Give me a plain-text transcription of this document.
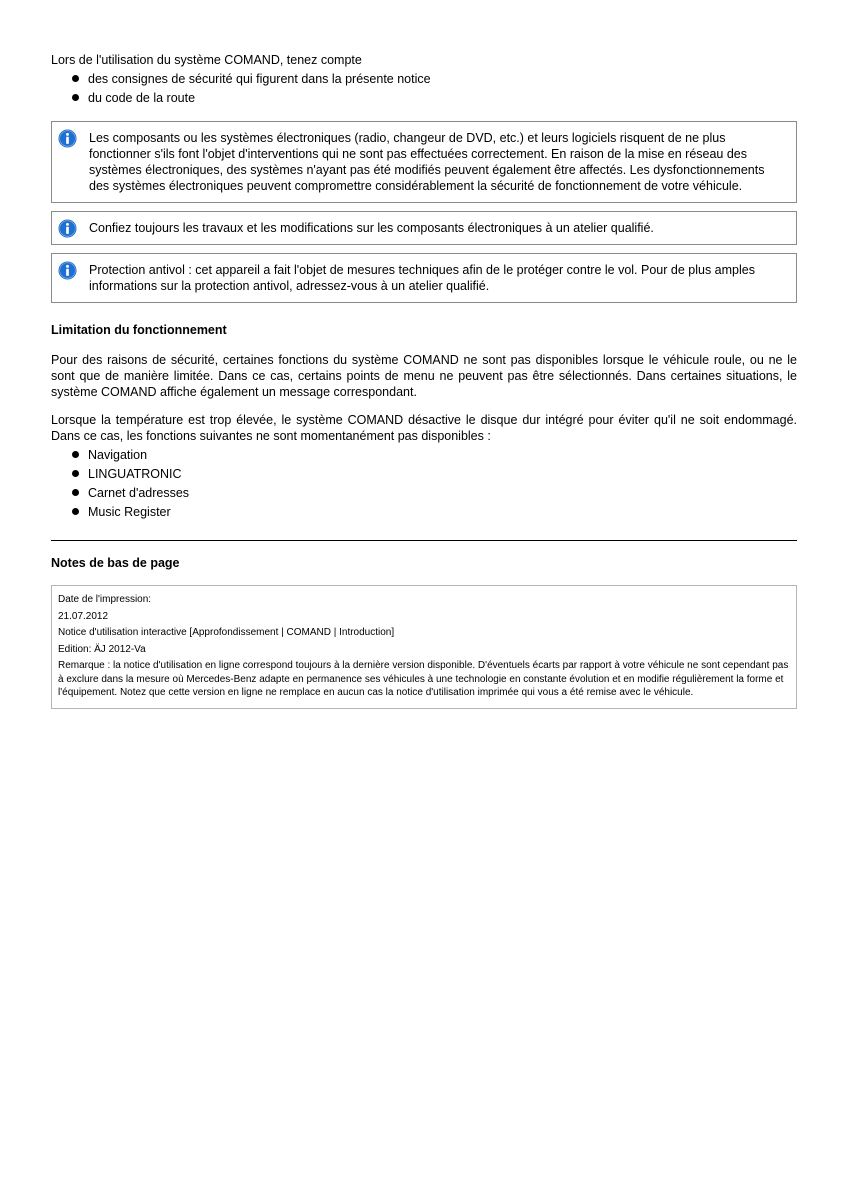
Lors de l'utilisation du système COMAND, tenez compte

des consignes de sécurité qui figurent dans la présente notice
du code de la route

Les composants ou les systèmes électroniques (radio, changeur de DVD, etc.) et leurs logiciels risquent de ne plus fonctionner s'ils font l'objet d'interventions qui ne sont pas effectuées correctement. En raison de la mise en réseau des systèmes électroniques, des systèmes n'ayant pas été modifiés peuvent également être affectés. Les dysfonctionnements des systèmes électroniques peuvent compromettre considérablement la sécurité de fonctionnement de votre véhicule.

Confiez toujours les travaux et les modifications sur les composants électroniques à un atelier qualifié.

Protection antivol : cet appareil a fait l'objet de mesures techniques afin de le protéger contre le vol. Pour de plus amples informations sur la protection antivol, adressez-vous à un atelier qualifié.

Limitation du fonctionnement

Pour des raisons de sécurité, certaines fonctions du système COMAND ne sont pas disponibles lorsque le véhicule roule, ou ne le sont que de manière limitée. Dans ce cas, certains points de menu ne peuvent pas être sélectionnés. Dans certaines situations, le système COMAND affiche également un message correspondant.

Lorsque la température est trop élevée, le système COMAND désactive le disque dur intégré pour éviter qu'il ne soit endommagé. Dans ce cas, les fonctions suivantes ne sont momentanément pas disponibles :

Navigation
LINGUATRONIC
Carnet d'adresses
Music Register

Notes de bas de page

Date de l'impression:

21.07.2012

Notice d'utilisation interactive [Approfondissement | COMAND | Introduction]

Edition: ÄJ 2012-Va

Remarque : la notice d'utilisation en ligne correspond toujours à la dernière version disponible. D'éventuels écarts par rapport à votre véhicule ne sont cependant pas à exclure dans la mesure où Mercedes-Benz adapte en permanence ses véhicules à une technologie en constante évolution et en modifie régulièrement la forme et l'équipement. Notez que cette version en ligne ne remplace en aucun cas la notice d'utilisation imprimée qui vous a été remise avec le véhicule.
